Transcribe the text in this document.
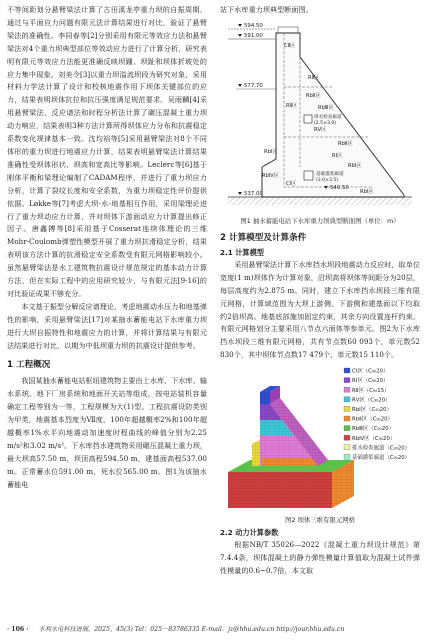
不等间距划分悬臂梁法计算了古田溪龙亭重力坝的自振周期，通过与平面应力问题有限元法计算结果进行对比，验证了悬臂梁法的准确性。李同春等[2]分别采用有限元等效应力法和悬臂梁法对4个重力坝典型部位等效动应力进行了计算分析，研究表明有限元等效应力法能更准确反映坝踵、坝趾和坝体折坡处的应力集中现象。刘美令[3]以重力坝溢流坝段为研究对象，采用材料力学法计算了设计和校核地震作用下坝体关键部位的应力，结果表明坝体抗拉和抗压强度满足规范要求。吴雨麟[4]采用悬臂梁法、反应谱法和时程分析法计算了碾压混凝土重力坝动力响应，结果表明3种方法计算所得坝体应力分布和抗震稳定系数变化规律基本一致。沈均裕等[5]采用悬臂梁法对8个不同体形的重力坝进行地震应力计算，结果表明悬臂梁法计算结果准确性受坝体形状、坝高和宽高比等影响。Leclerc等[6]基于刚体平衡和梁理论编制了CADAM程序，并进行了重力坝应力分析，计算了裂纹长度和安全系数，为重力坝稳定性评价提供依据。Løkke等[7]考虑大坝-水-地基相互作用，采用梁理论进行了重力坝动应力计算，并对坝体下游面动应力计算提出修正因子。唐鑫搏等[8]采用基于Cosserat连续体理论的三维Mohr-Coulomb弹塑性模型开展了重力坝抗滑稳定分析，结果表明该方法计算的抗滑稳定安全系数受有限元网格影响较小。虽然悬臂梁法是水工建筑物抗震设计规范规定的基本动力计算方法，但在实际工程中的应用研究较少，与有限元法[9-16]的对比验证成果不够充分。

本文基于振型分解反应谱理论，考虑地震动水压力和地基弹性的影响，采用悬臂梁法[17]对某抽水蓄能电站下水库重力坝进行大坝自振特性和地震应力的计算，并将计算结果与有限元法结果进行对比，以期为中低坝重力坝的抗震设计提供参考。

1 工程概况

我国某抽水蓄能电站枢纽建筑物主要由上水库、下水库、输水系统、地下厂房系统和地面开关站等组成，按电站装机容量确定工程等别为一等，工程规模为大(1)型。工程抗震设防类别为甲类，地震基本烈度为Ⅶ度，100年超越概率2%和100年超越概率1%水平向地震动加速度时程曲线的峰值分别为2.25 m/s²和3.02 m/s²。下水库挡水建筑物采用碾压混凝土重力坝，最大坝高57.50 m，坝顶高程594.50 m，建基面高程537.00 m。正常蓄水位591.00 m，死水位565.00 m。图1为该抽水蓄能电

站下水库重力坝典型断面图。

594.50
591.00
577.70
540.50
537.00
CⅡ区
RⅡ区
RbⅡ区
RⅡ区	RbⅢ区
排水检查廊道
(2.5×3.0)
RⅤ区
RbⅡ区
RbⅠ区
RⅠ区
RbⅠ区
基础灌浆廊道
(3.0×3.5)
CⅠ区
RbⅣ区
RbⅠ区
图1 抽水蓄能电站下水库重力坝典型断面图（单位：m）
2 计算模型及计算条件
2.1 计算模型

采用悬臂梁法计算下水库挡水坝段地震动力反应时，取单位宽度(1 m)坝体作为计算对象，沿坝高将坝体等间距分为20层，每层高度约为2.875 m。同时，建立下水库挡水坝段三维有限元网格，计算域范围为大坝上游侧、下游侧和建基面以下均取约2倍坝高。地基底部施加固定约束，其余方向设置连杆约束。有限元网格划分主要采用八节点六面体等参单元。图2为下水库挡水坝段三维有限元网格，共有节点数60 093个，单元数52 830个，其中坝体节点数17 479个，单元数15 110个。

CⅠ区（C₉₀20）
RⅠ区（C₉₀20）
RⅡ区（C₉₀15）
RⅤ区（C₉₀20）
RbⅠ区（C₉₀20）
RbⅡ区（C₉₀20）
RbⅢ区（C₉₀20）
RbⅣ区（C₉₀20）
排水检查廊道（C₉₀20）
基础灌浆廊道（C₉₀20）
图2 坝体三维有限元网格
2.2 动力计算参数

根据NB/T 35026—2022《混凝土重力坝设计规范》第7.4.4条，坝体混凝土的静力弹性模量计算值取为混凝土试件弹性模量的0.6~0.7倍，本文取

· 106 · 水利水电科技进展，2025，45(3) Tel：025－83786335 E-mail：jz@hhu.edu.cn http://jour.hhu.edu.cn
